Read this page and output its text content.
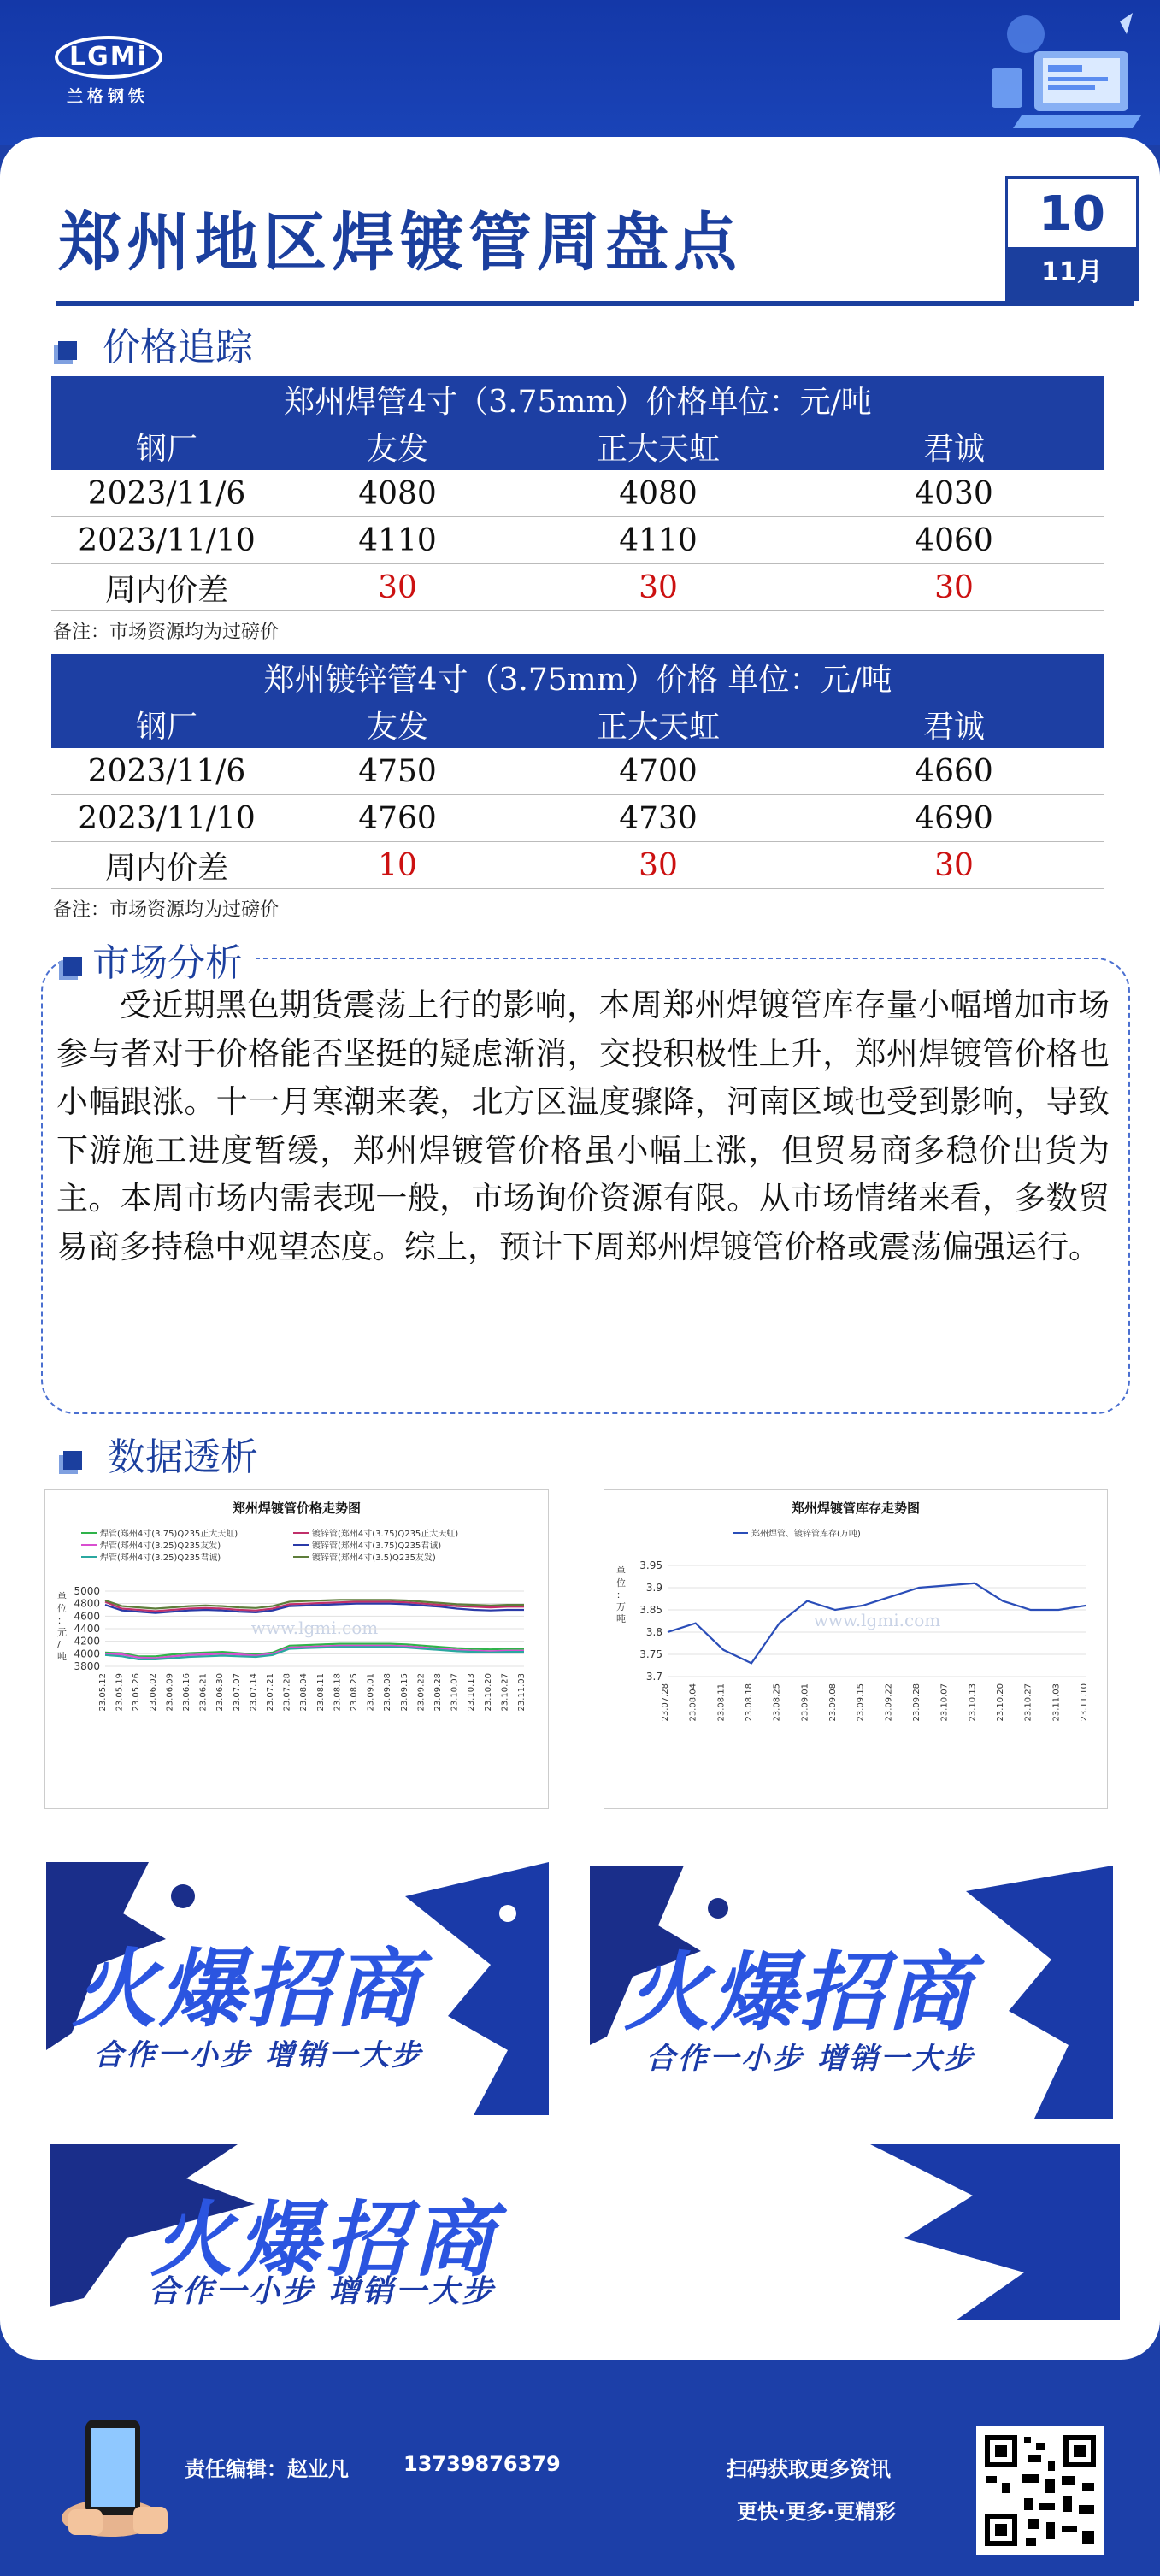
LGMi
兰格钢铁
郑州地区焊镀管周盘点	10
11月
价格追踪
郑州焊管4寸（3.75mm）价格单位：元/吨			
钢厂	友发	正大天虹	君诚
2023/11/6	4080	4080	4030
2023/11/10	4110	4110	4060
周内价差	30	30	30
备注：市场资源均为过磅价
郑州镀锌管4寸（3.75mm）价格 单位：元/吨			
钢厂	友发	正大天虹	君诚
2023/11/6	4750	4700	4660
2023/11/10	4760	4730	4690
周内价差	10	30	30
备注：市场资源均为过磅价
市场分析
受近期黑色期货震荡上行的影响，本周郑州焊镀管库存量小幅增加市场参与者对于价格能否坚挺的疑虑渐消，交投积极性上升，郑州焊镀管价格也小幅跟涨。十一月寒潮来袭，北方区温度骤降，河南区域也受到影响，导致下游施工进度暂缓，郑州焊镀管价格虽小幅上涨，但贸易商多稳价出货为主。本周市场内需表现一般，市场询价资源有限。从市场情绪来看，多数贸易商多持稳中观望态度。综上，预计下周郑州焊镀管价格或震荡偏强运行。
数据透析
郑州焊镀管价格走势图
www.lgmi.com
3800
4000
4200
4400
4600
4800
5000
23.05.12 23.05.19 23.05.26 23.06.02 23.06.09 23.06.16 23.06.21 23.06.30 23.07.07 23.07.14 23.07.21 23.07.28 23.08.04 23.08.11 23.08.18 23.08.25 23.09.01 23.09.08 23.09.15 23.09.22 23.09.28 23.10.07 23.10.13 23.10.20 23.10.27 23.11.03
单位：元/吨
焊管(郑州4寸(3.75)Q235正大天虹)	镀锌管(郑州4寸(3.75)Q235正大天虹)
焊管(郑州4寸(3.25)Q235友发)	镀锌管(郑州4寸(3.75)Q235君诚)
焊管(郑州4寸(3.25)Q235君诚)	镀锌管(郑州4寸(3.5)Q235友发)
郑州焊镀管库存走势图
www.lgmi.com
3.7
3.75
3.8
3.85
3.9
3.95
23.07.28 23.08.04 23.08.11 23.08.18 23.08.25 23.09.01 23.09.08 23.09.15 23.09.22 23.09.28 23.10.07 23.10.13 23.10.20 23.10.27 23.11.03 23.11.10
单位：万吨
郑州焊管、镀锌管库存(万吨)
火爆招商
合作一小步 增销一大步
火爆招商
合作一小步 增销一大步
火爆招商
合作一小步 增销一大步
责任编辑：赵业凡	13739876379	扫码获取更多资讯
更快·更多·更精彩
